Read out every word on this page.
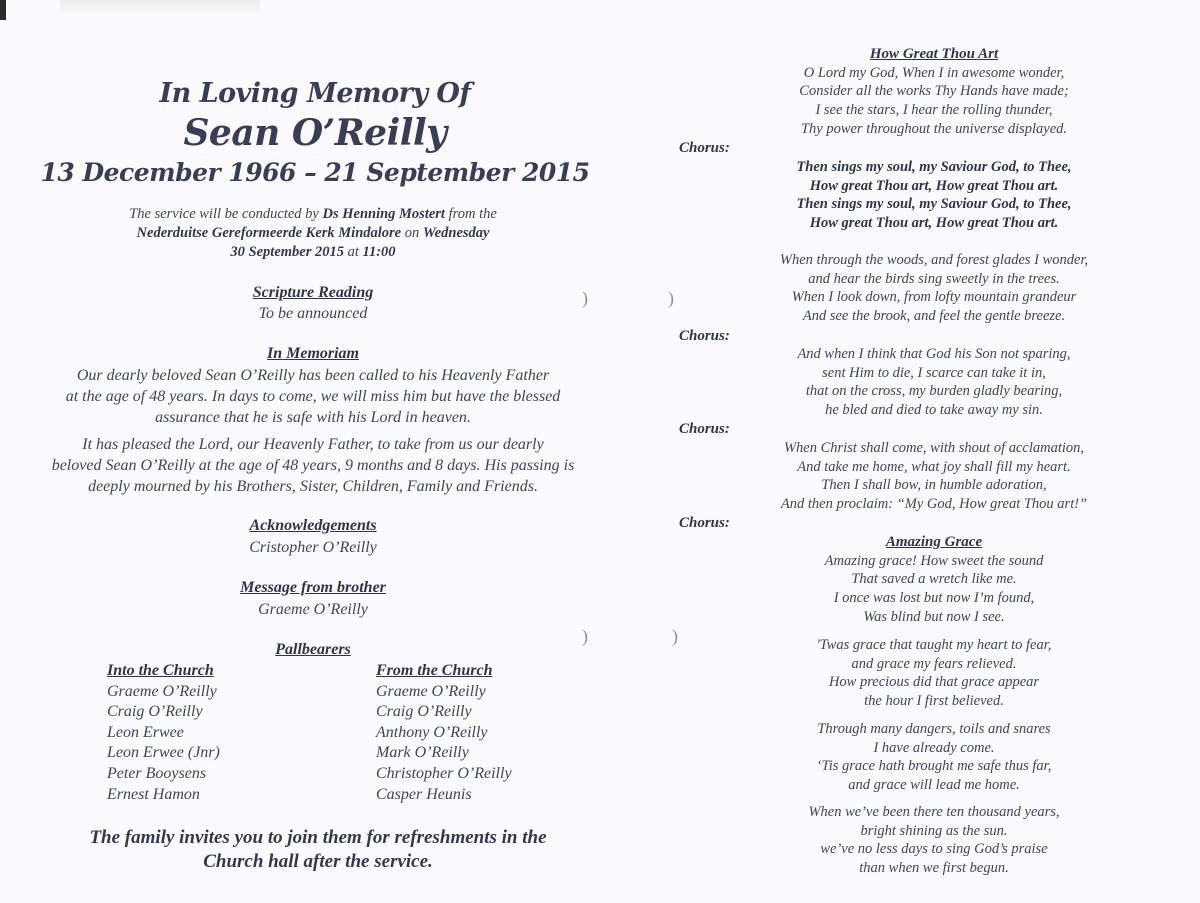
In Loving Memory Of
Sean O’Reilly
13 December 1966 – 21 September 2015
The service will be conducted by Ds Henning Mostert from the
Nederduitse Gereformeerde Kerk Mindalore on Wednesday
30 September 2015 at 11:00
Scripture Reading
To be announced
In Memoriam
Our dearly beloved Sean O’Reilly has been called to his Heavenly Father
at the age of 48 years. In days to come, we will miss him but have the blessed
assurance that he is safe with his Lord in heaven.
It has pleased the Lord, our Heavenly Father, to take from us our dearly
beloved Sean O’Reilly at the age of 48 years, 9 months and 8 days. His passing is
deeply mourned by his Brothers, Sister, Children, Family and Friends.
Acknowledgements
Cristopher O’Reilly
Message from brother
Graeme O’Reilly
Pallbearers
Into the Church
Graeme O’Reilly
Craig O’Reilly
Leon Erwee
Leon Erwee (Jnr)
Peter Booysens
Ernest Hamon
From the Church
Graeme O’Reilly
Craig O’Reilly
Anthony O’Reilly
Mark O’Reilly
Christopher O’Reilly
Casper Heunis
The family invites you to join them for refreshments in the
Church hall after the service.
)
)
)
)
How Great Thou Art
O Lord my God, When I in awesome wonder,
Consider all the works Thy Hands have made;
I see the stars, I hear the rolling thunder,
Thy power throughout the universe displayed.
Chorus:
Then sings my soul, my Saviour God, to Thee,
How great Thou art, How great Thou art.
Then sings my soul, my Saviour God, to Thee,
How great Thou art, How great Thou art.
When through the woods, and forest glades I wonder,
and hear the birds sing sweetly in the trees.
When I look down, from lofty mountain grandeur
And see the brook, and feel the gentle breeze.
Chorus:
And when I think that God his Son not sparing,
sent Him to die, I scarce can take it in,
that on the cross, my burden gladly bearing,
he bled and died to take away my sin.
Chorus:
When Christ shall come, with shout of acclamation,
And take me home, what joy shall fill my heart.
Then I shall bow, in humble adoration,
And then proclaim: “My God, How great Thou art!”
Chorus:
Amazing Grace
Amazing grace! How sweet the sound
That saved a wretch like me.
I once was lost but now I’m found,
Was blind but now I see.
'Twas grace that taught my heart to fear,
and grace my fears relieved.
How precious did that grace appear
the hour I first believed.
Through many dangers, toils and snares
I have already come.
‘Tis grace hath brought me safe thus far,
and grace will lead me home.
When we’ve been there ten thousand years,
bright shining as the sun.
we’ve no less days to sing God’s praise
than when we first begun.
